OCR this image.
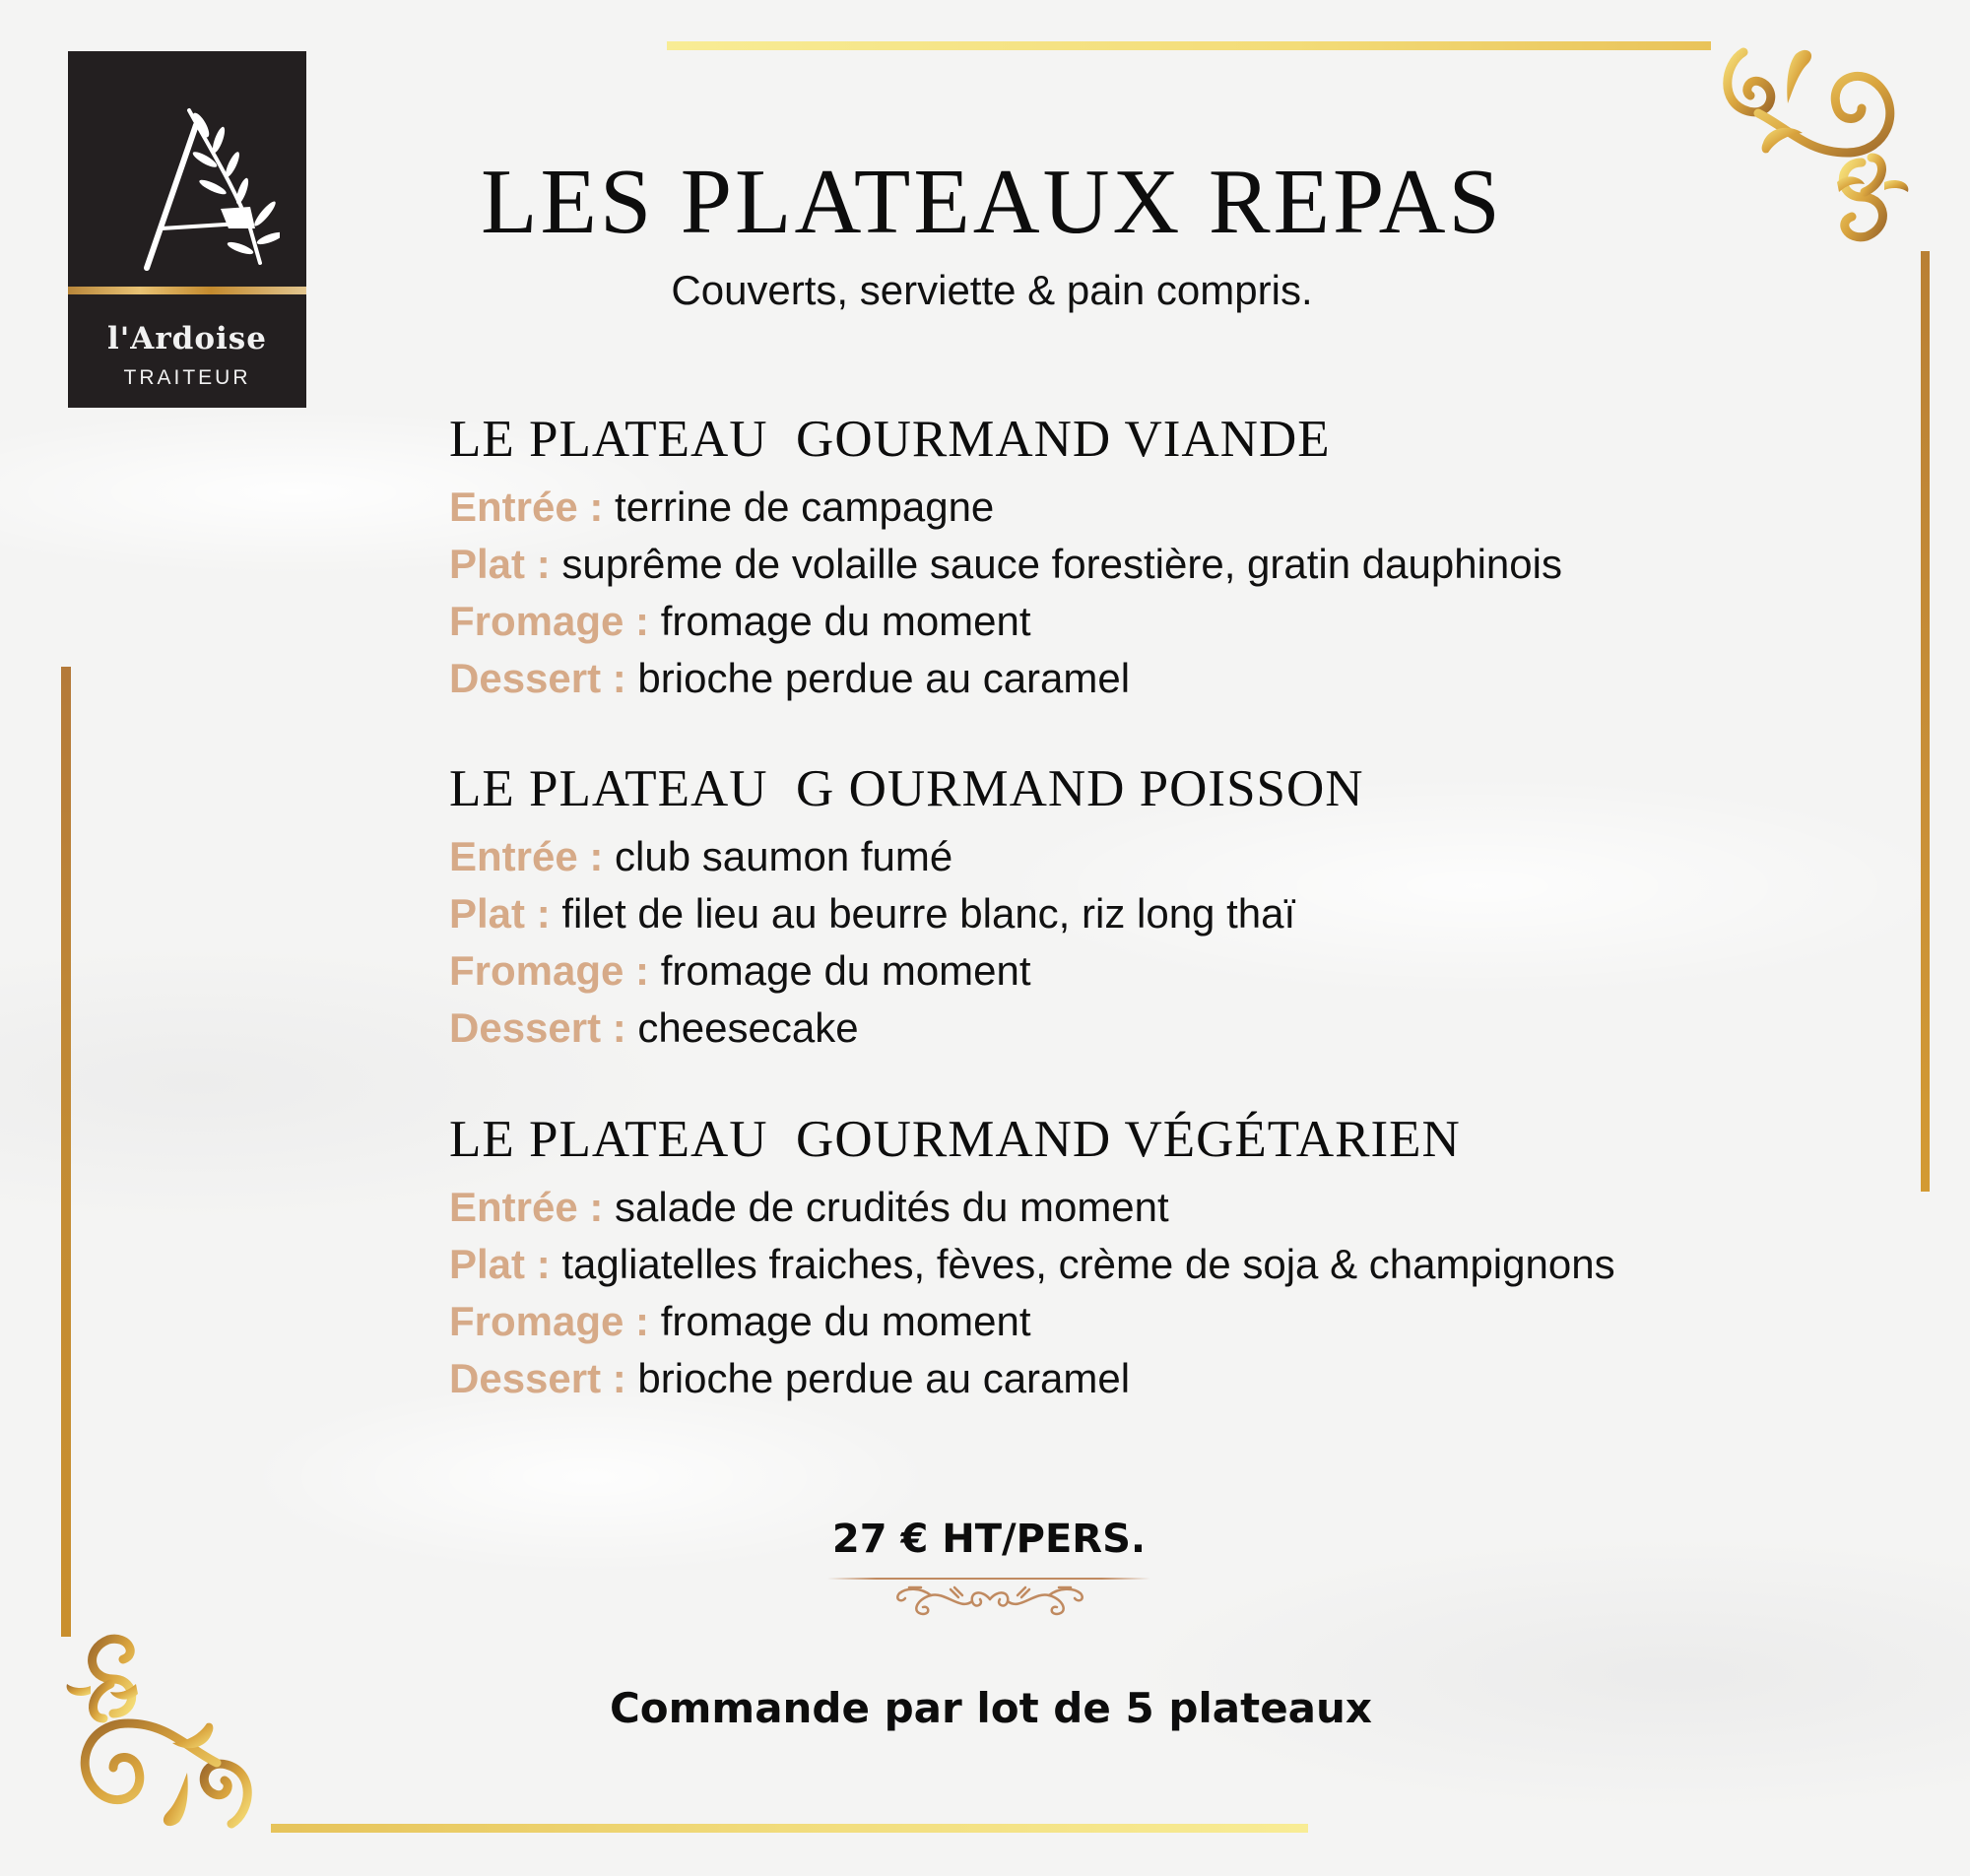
l'Ardoise
TRAITEUR
LES PLATEAUX REPAS
Couverts, serviette & pain compris.
LE PLATEAU  GOURMAND VIANDE
Entrée : terrine de campagne
Plat : suprême de volaille sauce forestière, gratin dauphinois
Fromage : fromage du moment
Dessert : brioche perdue au caramel
LE PLATEAU  G OURMAND POISSON
Entrée : club saumon fumé
Plat : filet de lieu au beurre blanc, riz long thaï
Fromage : fromage du moment
Dessert : cheesecake
LE PLATEAU  GOURMAND VÉGÉTARIEN
Entrée : salade de crudités du moment
Plat : tagliatelles fraiches, fèves, crème de soja & champignons
Fromage : fromage du moment
Dessert : brioche perdue au caramel
27 € HT/PERS.
Commande par lot de 5 plateaux
